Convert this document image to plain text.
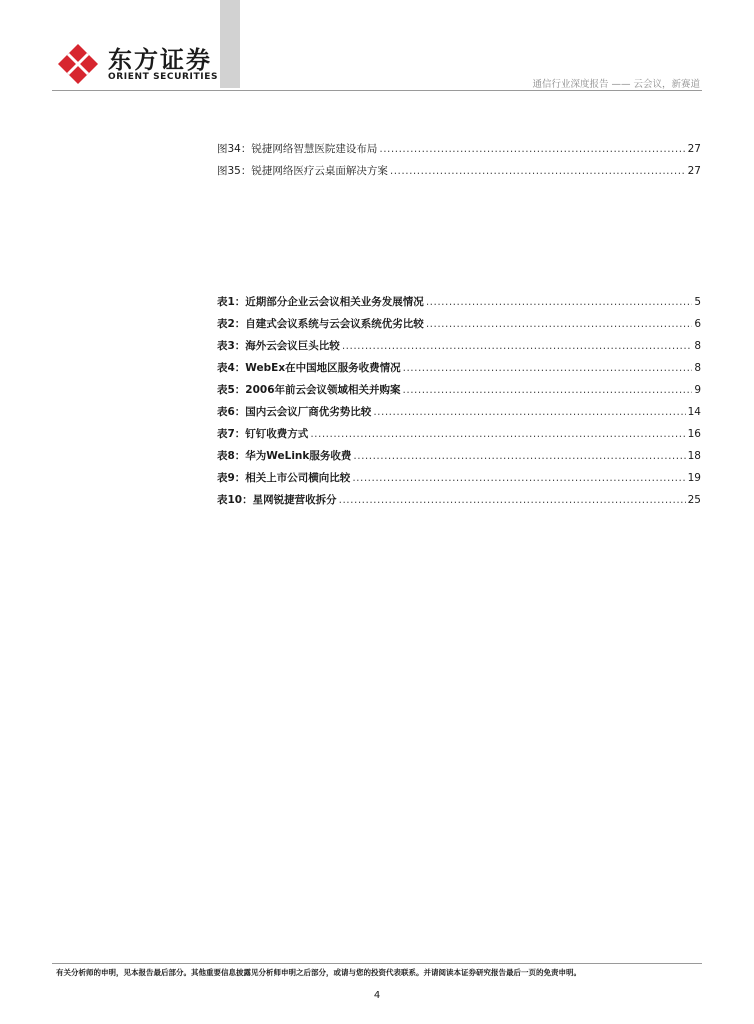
东方证券
ORIENT SECURITIES
通信行业深度报告 —— 云会议，新赛道
图34：锐捷网络智慧医院建设布局 .....	27
图35：锐捷网络医疗云桌面解决方案 .....	27
表1：近期部分企业云会议相关业务发展情况 .....	5
表2：自建式会议系统与云会议系统优劣比较 .....	6
表3：海外云会议巨头比较 .....	8
表4：WebEx在中国地区服务收费情况 .....	8
表5：2006年前云会议领域相关并购案 .....	9
表6：国内云会议厂商优劣势比较 .....	14
表7：钉钉收费方式 .....	16
表8：华为WeLink服务收费 .....	18
表9：相关上市公司横向比较 .....	19
表10：星网锐捷营收拆分 .....	25
有关分析师的申明，见本报告最后部分。其他重要信息披露见分析师申明之后部分，或请与您的投资代表联系。并请阅读本证券研究报告最后一页的免责申明。
4
